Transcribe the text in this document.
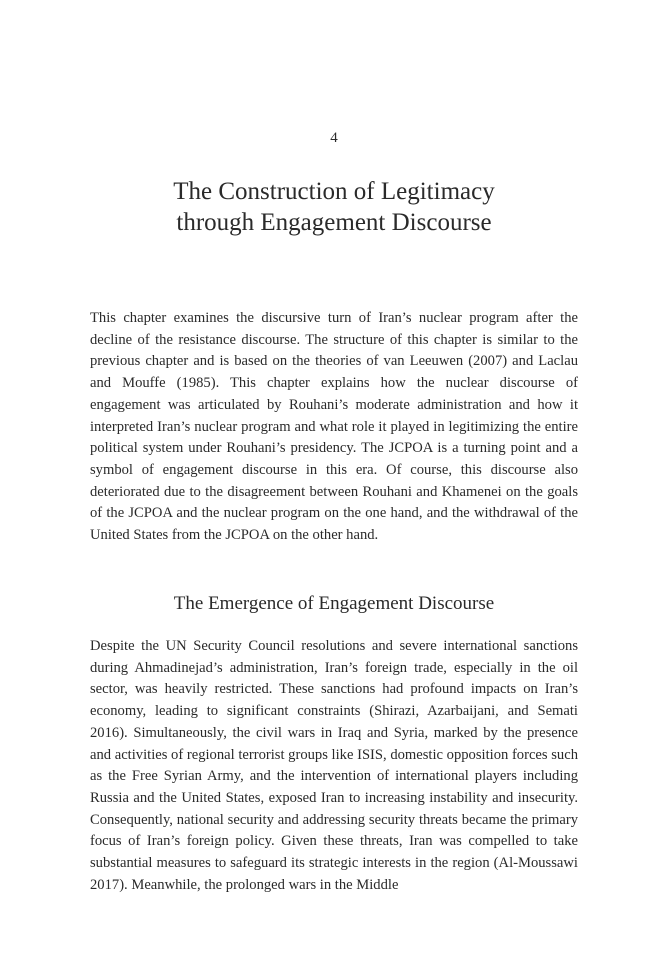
4
The Construction of Legitimacy
through Engagement Discourse

This chapter examines the discursive turn of Iran’s nuclear program after the decline of the resistance discourse. The structure of this chapter is similar to the previous chapter and is based on the theories of van Leeuwen (2007) and Laclau and Mouffe (1985). This chapter explains how the nuclear discourse of engagement was articulated by Rouhani’s moderate administration and how it interpreted Iran’s nuclear program and what role it played in legitimizing the entire political system under Rouhani’s presidency. The JCPOA is a turning point and a symbol of engagement discourse in this era. Of course, this discourse also deteriorated due to the disagreement between Rouhani and Khamenei on the goals of the JCPOA and the nuclear program on the one hand, and the withdrawal of the United States from the JCPOA on the other hand.

The Emergence of Engagement Discourse

Despite the UN Security Council resolutions and severe international sanctions during Ahmadinejad’s administration, Iran’s foreign trade, especially in the oil sector, was heavily restricted. These sanctions had profound impacts on Iran’s economy, leading to significant constraints (Shirazi, Azarbaijani, and Semati 2016). Simultaneously, the civil wars in Iraq and Syria, marked by the presence and activities of regional terrorist groups like ISIS, domestic opposition forces such as the Free Syrian Army, and the intervention of international players including Russia and the United States, exposed Iran to increasing instability and insecurity. Consequently, national security and addressing security threats became the primary focus of Iran’s foreign policy. Given these threats, Iran was compelled to take substantial measures to safeguard its strategic interests in the region (Al-Moussawi 2017). Meanwhile, the prolonged wars in the Middle
